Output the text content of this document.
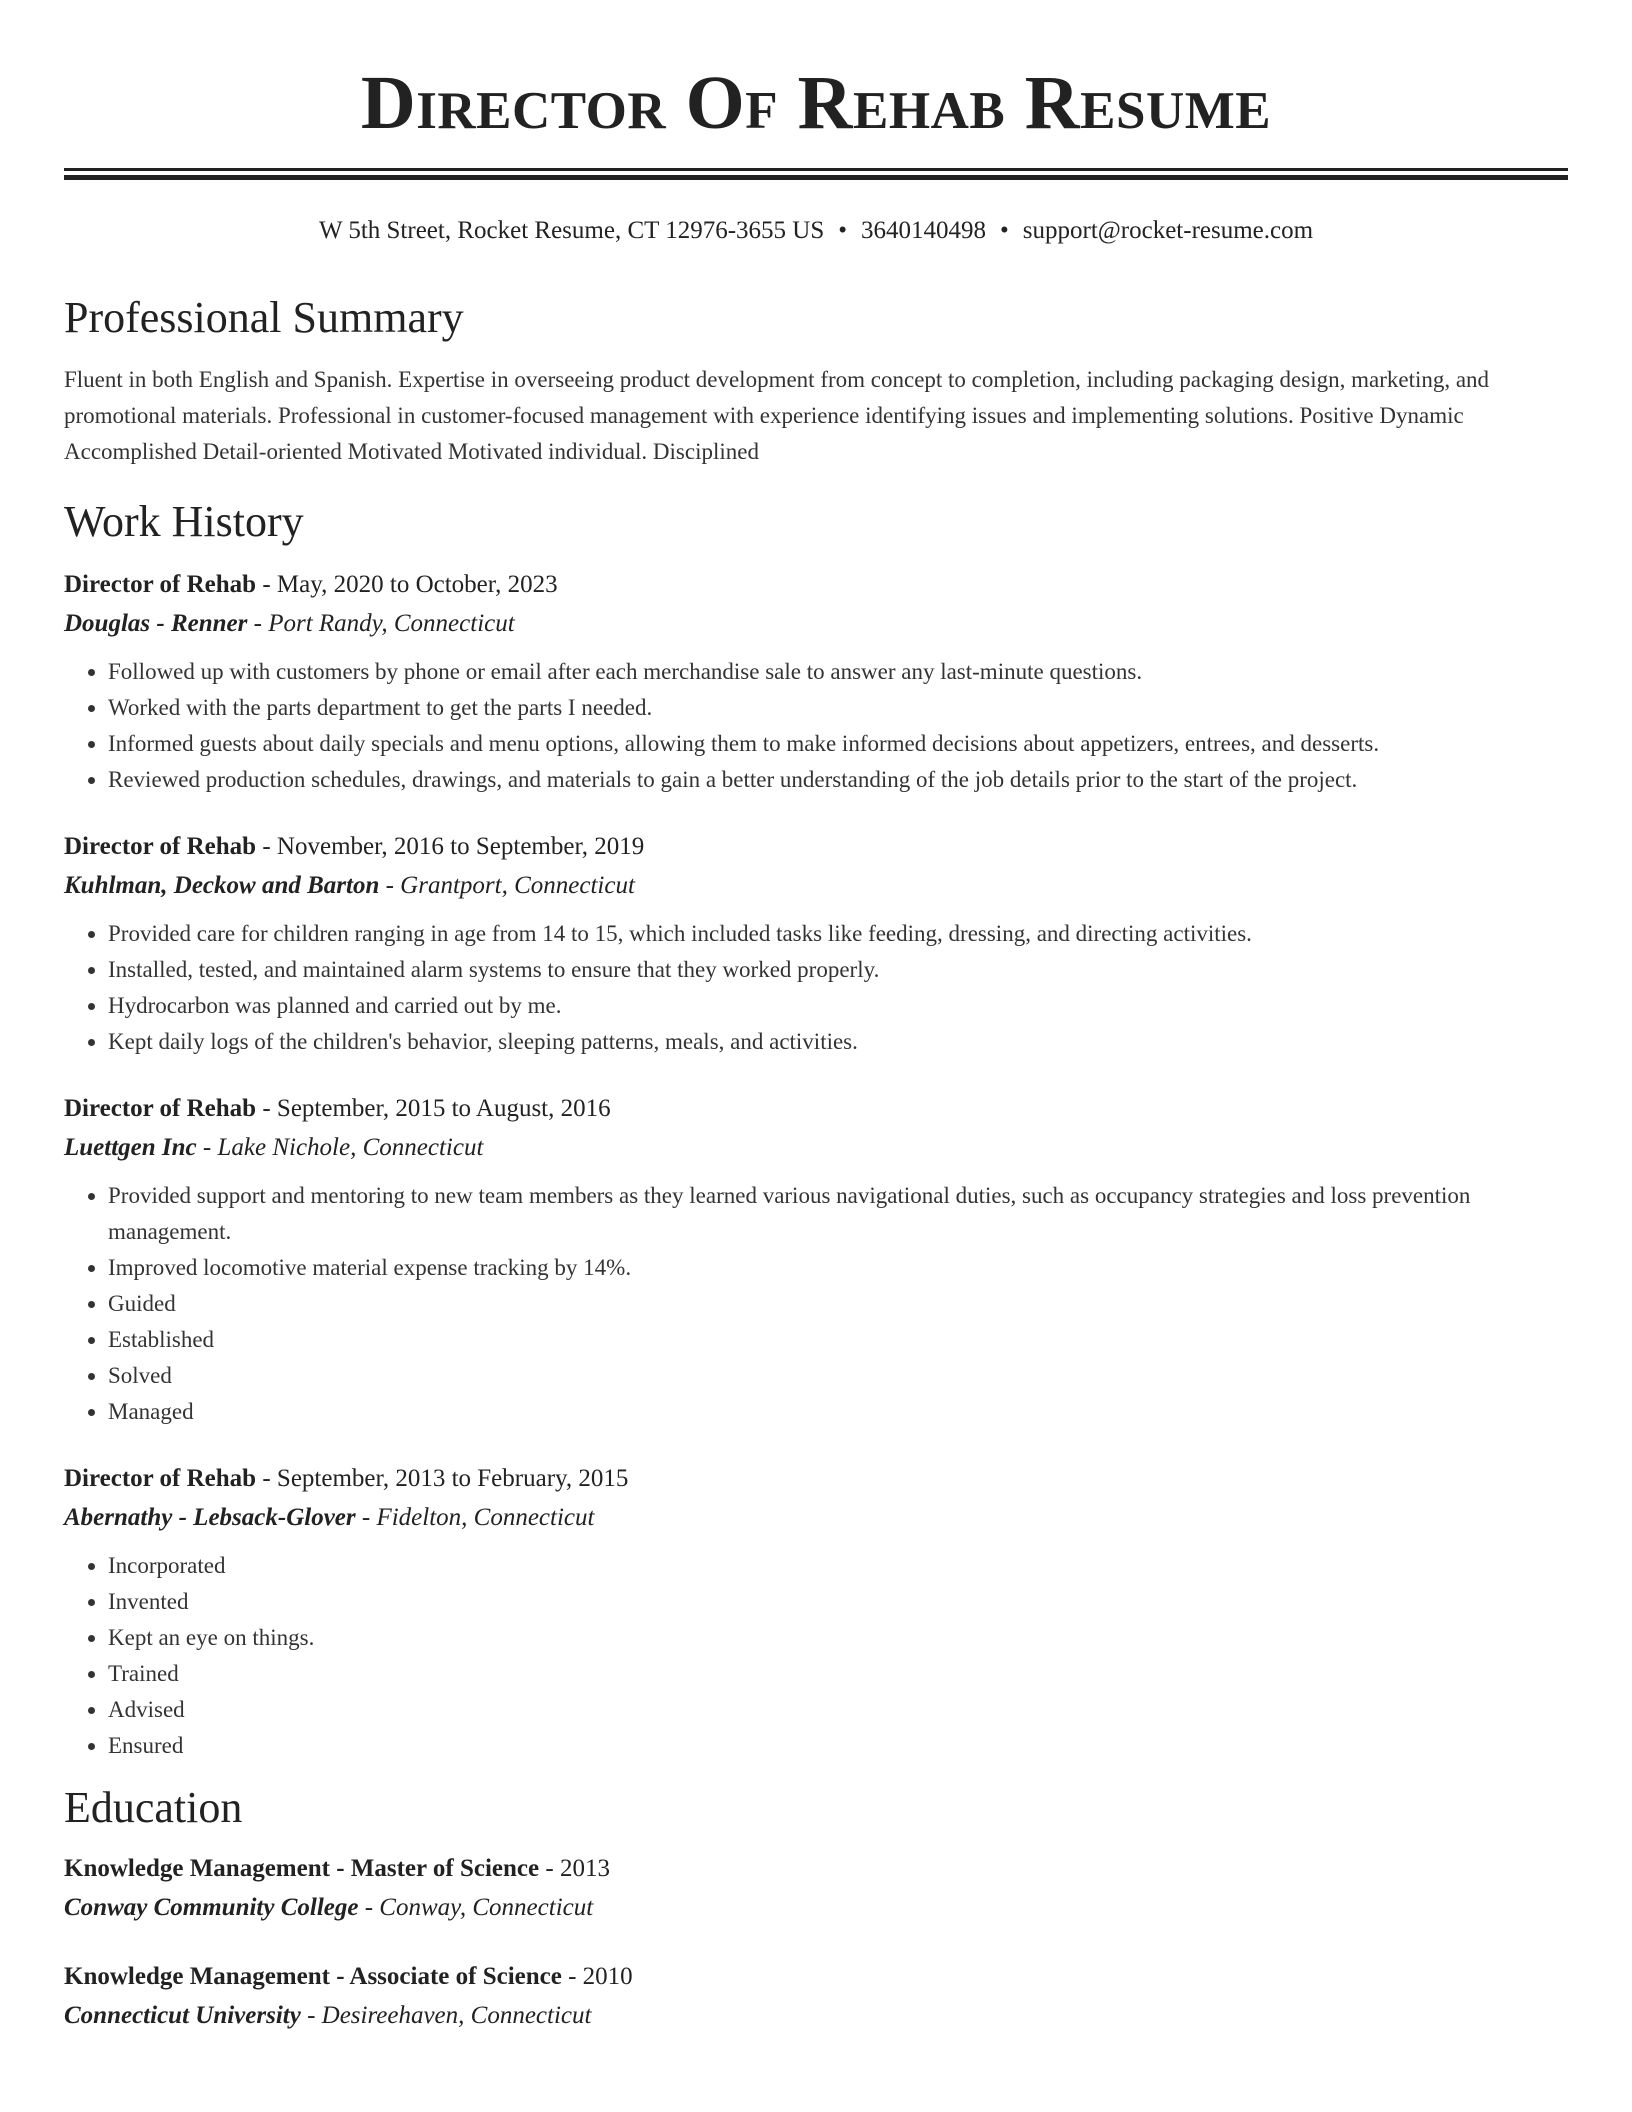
Director Of Rehab Resume
W 5th Street, Rocket Resume, CT 12976-3655 US • 3640140498 • support@rocket-resume.com
Professional Summary

Fluent in both English and Spanish. Expertise in overseeing product development from concept to completion, including packaging design, marketing, and promotional materials. Professional in customer-focused management with experience identifying issues and implementing solutions. Positive Dynamic Accomplished Detail-oriented Motivated Motivated individual. Disciplined

Work History
Director of Rehab - May, 2020 to October, 2023
Douglas - Renner - Port Randy, Connecticut
• Followed up with customers by phone or email after each merchandise sale to answer any last-minute questions.
• Worked with the parts department to get the parts I needed.
• Informed guests about daily specials and menu options, allowing them to make informed decisions about appetizers, entrees, and desserts.
• Reviewed production schedules, drawings, and materials to gain a better understanding of the job details prior to the start of the project.
Director of Rehab - November, 2016 to September, 2019
Kuhlman, Deckow and Barton - Grantport, Connecticut
• Provided care for children ranging in age from 14 to 15, which included tasks like feeding, dressing, and directing activities.
• Installed, tested, and maintained alarm systems to ensure that they worked properly.
• Hydrocarbon was planned and carried out by me.
• Kept daily logs of the children's behavior, sleeping patterns, meals, and activities.
Director of Rehab - September, 2015 to August, 2016
Luettgen Inc - Lake Nichole, Connecticut
• Provided support and mentoring to new team members as they learned various navigational duties, such as occupancy strategies and loss prevention management.
• Improved locomotive material expense tracking by 14%.
• Guided
• Established
• Solved
• Managed
Director of Rehab - September, 2013 to February, 2015
Abernathy - Lebsack-Glover - Fidelton, Connecticut
• Incorporated
• Invented
• Kept an eye on things.
• Trained
• Advised
• Ensured
Education
Knowledge Management - Master of Science - 2013
Conway Community College - Conway, Connecticut
Knowledge Management - Associate of Science - 2010
Connecticut University - Desireehaven, Connecticut
